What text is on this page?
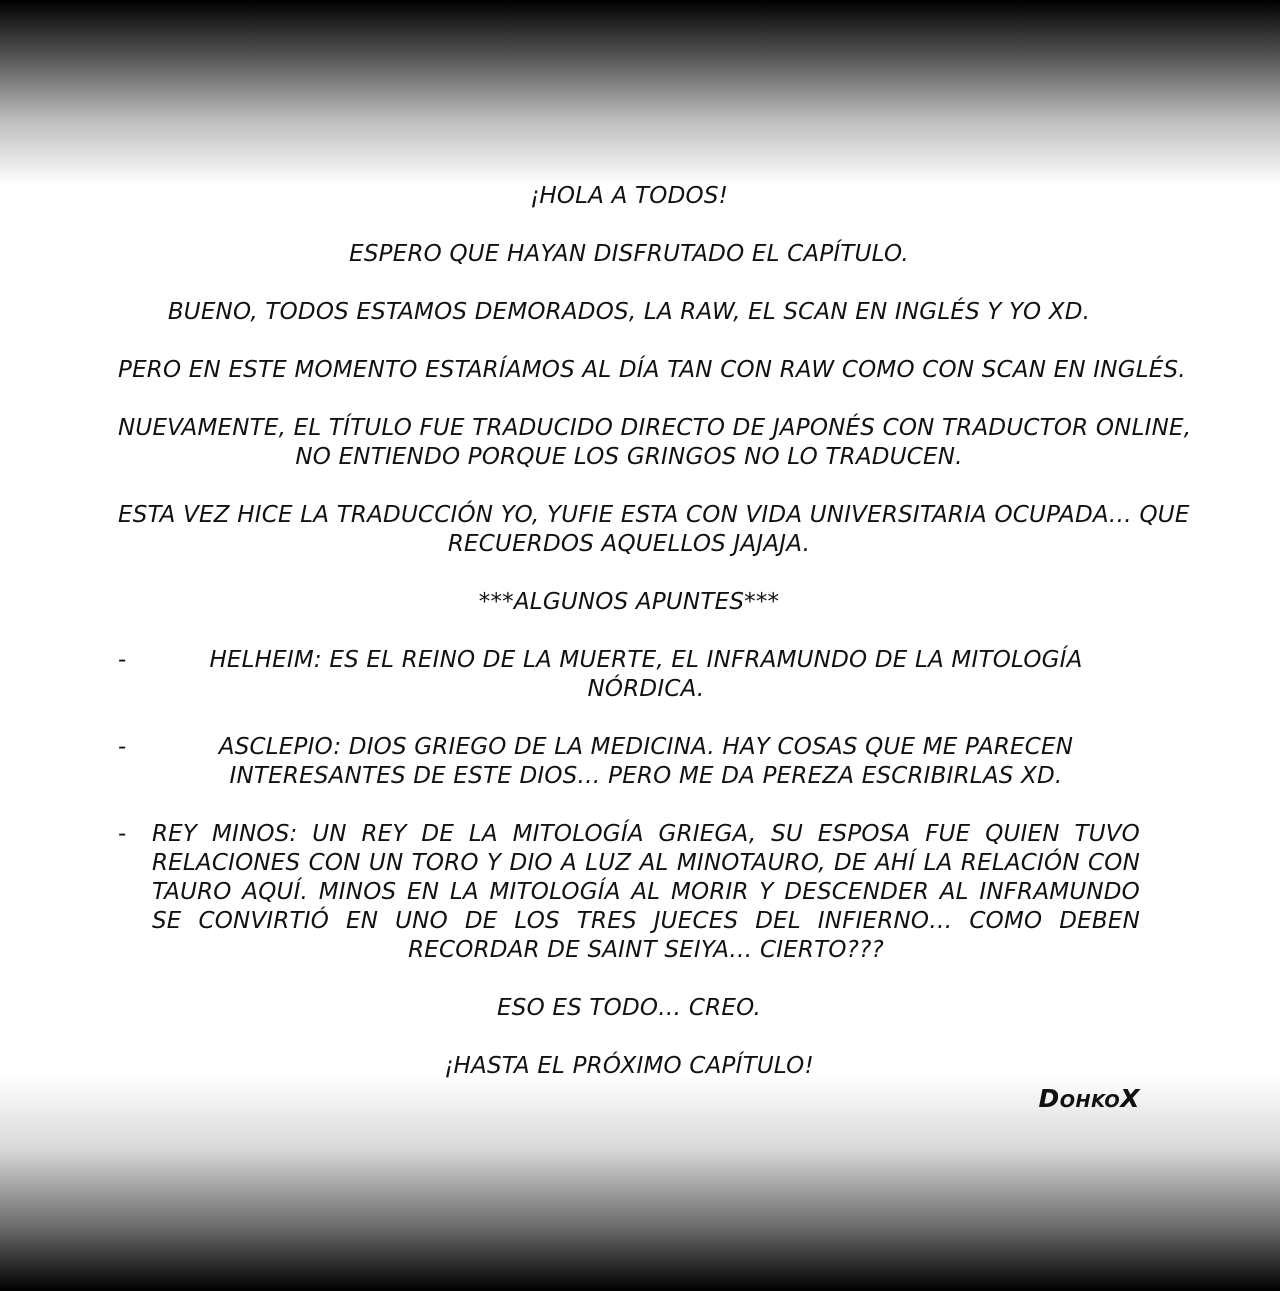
¡HOLA A TODOS!
ESPERO QUE HAYAN DISFRUTADO EL CAPÍTULO.
BUENO, TODOS ESTAMOS DEMORADOS, LA RAW, EL SCAN EN INGLÉS Y YO XD.
PERO EN ESTE MOMENTO ESTARÍAMOS AL DÍA TAN CON RAW COMO CON SCAN EN INGLÉS.
NUEVAMENTE, EL TÍTULO FUE TRADUCIDO DIRECTO DE JAPONÉS CON TRADUCTOR ONLINE,
NO ENTIENDO PORQUE LOS GRINGOS NO LO TRADUCEN.
ESTA VEZ HICE LA TRADUCCIÓN YO, YUFIE ESTA CON VIDA UNIVERSITARIA OCUPADA… QUE
RECUERDOS AQUELLOS JAJAJA.
***ALGUNOS APUNTES***
-	HELHEIM: ES EL REINO DE LA MUERTE, EL INFRAMUNDO DE LA MITOLOGÍA NÓRDICA.
-	ASCLEPIO: DIOS GRIEGO DE LA MEDICINA. HAY COSAS QUE ME PARECEN INTERESANTES DE ESTE DIOS… PERO ME DA PEREZA ESCRIBIRLAS XD.
-	REY MINOS: UN REY DE LA MITOLOGÍA GRIEGA, SU ESPOSA FUE QUIEN TUVO RELACIONES CON UN TORO Y DIO A LUZ AL MINOTAURO, DE AHÍ LA RELACIÓN CON TAURO AQUÍ. MINOS EN LA MITOLOGÍA AL MORIR Y DESCENDER AL INFRAMUNDO SE CONVIRTIÓ EN UNO DE LOS TRES JUECES DEL INFIERNO… COMO DEBEN RECORDAR DE SAINT SEIYA… CIERTO???
ESO ES TODO… CREO.
¡HASTA EL PRÓXIMO CAPÍTULO!
DohkoX
